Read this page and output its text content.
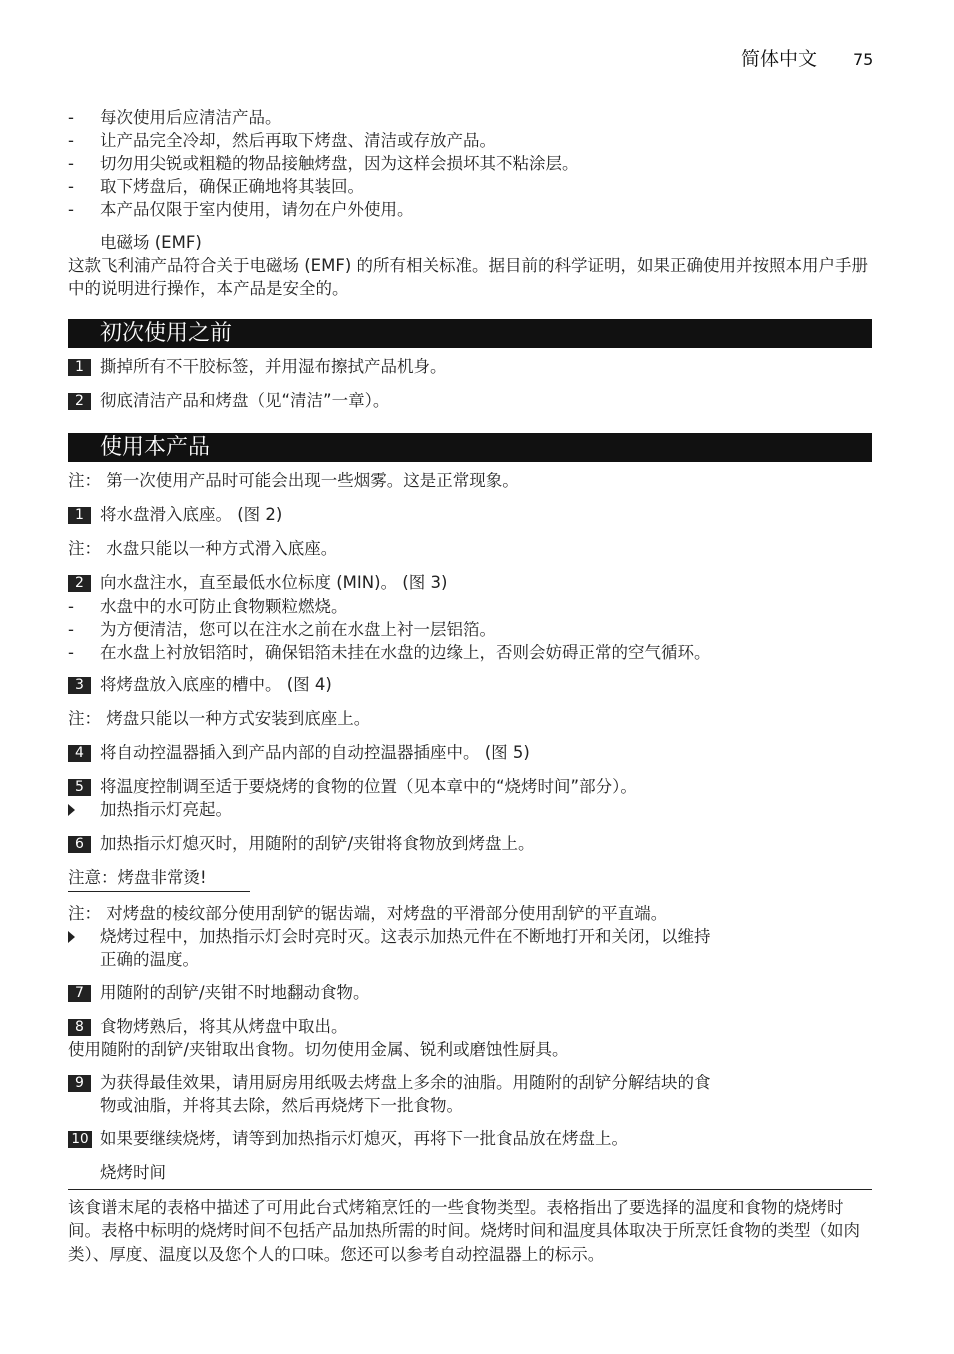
简体中文 75
- 每次使用后应清洁产品。
- 让产品完全冷却，然后再取下烤盘、清洁或存放产品。
- 切勿用尖锐或粗糙的物品接触烤盘，因为这样会损坏其不粘涂层。
- 取下烤盘后，确保正确地将其装回。
- 本产品仅限于室内使用，请勿在户外使用。
电磁场 (EMF)
这款飞利浦产品符合关于电磁场 (EMF) 的所有相关标准。据目前的科学证明，如果正确使用并按照本用户手册中的说明进行操作，本产品是安全的。
初次使用之前
1 撕掉所有不干胶标签，并用湿布擦拭产品机身。
2 彻底清洁产品和烤盘（见“清洁”一章）。
使用本产品
注： 第一次使用产品时可能会出现一些烟雾。这是正常现象。
1 将水盘滑入底座。 (图 2)
注： 水盘只能以一种方式滑入底座。
2 向水盘注水，直至最低水位标度 (MIN)。 (图 3)
- 水盘中的水可防止食物颗粒燃烧。
- 为方便清洁，您可以在注水之前在水盘上衬一层铝箔。
- 在水盘上衬放铝箔时，确保铝箔未挂在水盘的边缘上，否则会妨碍正常的空气循环。
3 将烤盘放入底座的槽中。 (图 4)
注： 烤盘只能以一种方式安装到底座上。
4 将自动控温器插入到产品内部的自动控温器插座中。 (图 5)
5 将温度控制调至适于要烧烤的食物的位置（见本章中的“烧烤时间”部分）。
加热指示灯亮起。
6 加热指示灯熄灭时，用随附的刮铲/夹钳将食物放到烤盘上。
注意：烤盘非常烫!
注： 对烤盘的棱纹部分使用刮铲的锯齿端，对烤盘的平滑部分使用刮铲的平直端。
烧烤过程中，加热指示灯会时亮时灭。这表示加热元件在不断地打开和关闭，以维持
正确的温度。
7 用随附的刮铲/夹钳不时地翻动食物。
8 食物烤熟后，将其从烤盘中取出。
使用随附的刮铲/夹钳取出食物。切勿使用金属、锐利或磨蚀性厨具。
9 为获得最佳效果，请用厨房用纸吸去烤盘上多余的油脂。用随附的刮铲分解结块的食
物或油脂，并将其去除，然后再烧烤下一批食物。
10 如果要继续烧烤，请等到加热指示灯熄灭，再将下一批食品放在烤盘上。
烧烤时间
该食谱末尾的表格中描述了可用此台式烤箱烹饪的一些食物类型。表格指出了要选择的温度和食物的烧烤时间。表格中标明的烧烤时间不包括产品加热所需的时间。烧烤时间和温度具体取决于所烹饪食物的类型（如肉类）、厚度、温度以及您个人的口味。您还可以参考自动控温器上的标示。
